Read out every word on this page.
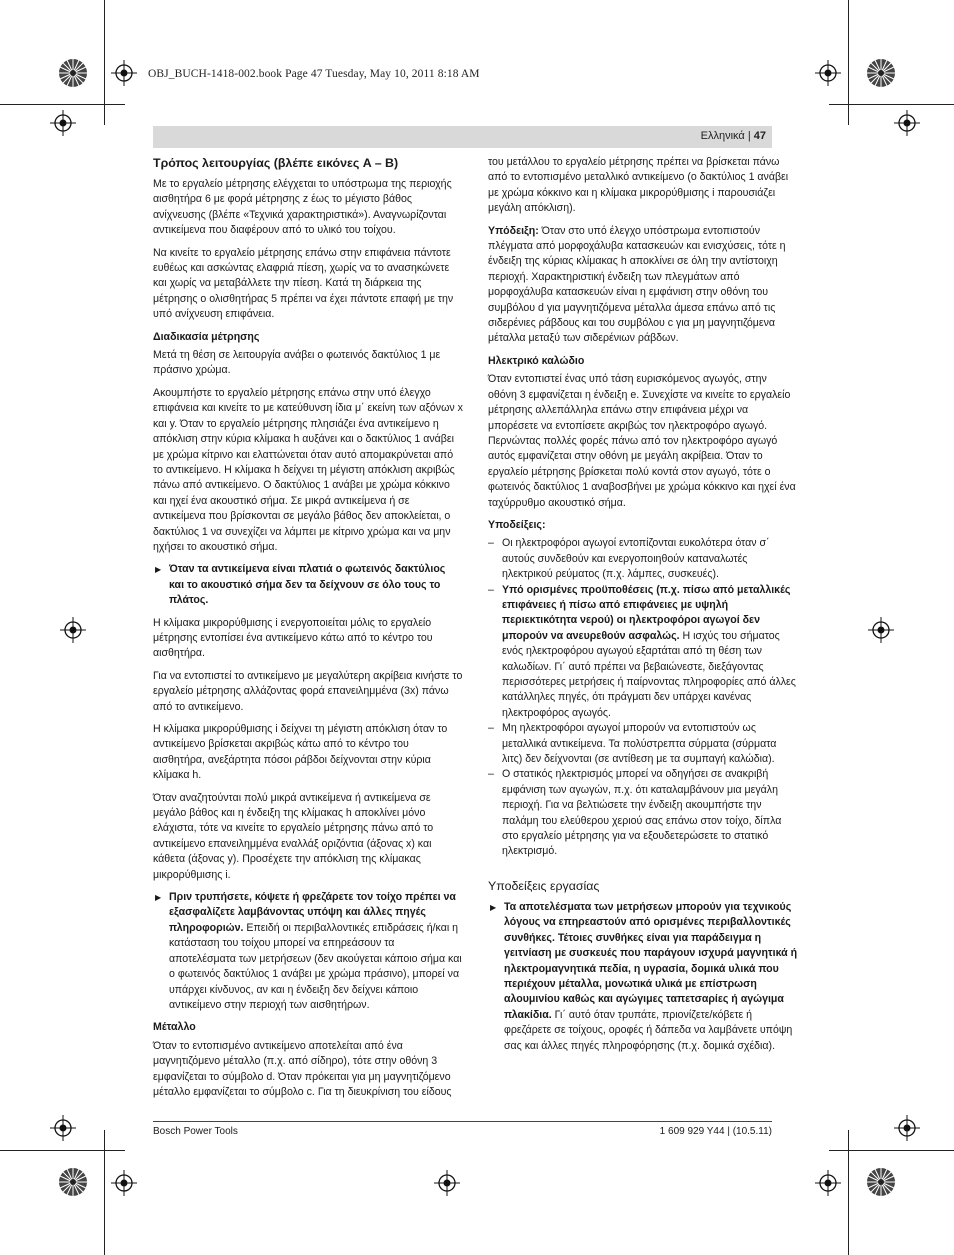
OBJ_BUCH-1418-002.book Page 47 Tuesday, May 10, 2011 8:18 AM
Ελληνικά | 47
Τρόπος λειτουργίας (βλέπε εικόνες A – B)

Με το εργαλείο μέτρησης ελέγχεται το υπόστρωμα της περιοχής αισθητήρα 6 με φορά μέτρησης z έως το μέγιστο βάθος ανίχνευσης (βλέπε «Τεχνικά χαρακτηριστικά»). Αναγνωρίζονται αντικείμενα που διαφέρουν από το υλικό του τοίχου.

Να κινείτε το εργαλείο μέτρησης επάνω στην επιφάνεια πάντοτε ευθέως και ασκώντας ελαφριά πίεση, χωρίς να το ανασηκώνετε και χωρίς να μεταβάλλετε την πίεση. Κατά τη διάρκεια της μέτρησης ο ολισθητήρας 5 πρέπει να έχει πάντοτε επαφή με την υπό ανίχνευση επιφάνεια.

Διαδικασία μέτρησης

Μετά τη θέση σε λειτουργία ανάβει ο φωτεινός δακτύλιος 1 με πράσινο χρώμα.

Ακουμπήστε το εργαλείο μέτρησης επάνω στην υπό έλεγχο επιφάνεια και κινείτε το με κατεύθυνση ίδια μ΄ εκείνη των αξόνων x και y. Όταν το εργαλείο μέτρησης πλησιάζει ένα αντικείμενο η απόκλιση στην κύρια κλίμακα h αυξάνει και ο δακτύλιος 1 ανάβει με χρώμα κίτρινο και ελαττώνεται όταν αυτό απομακρύνεται από το αντικείμενο. Η κλίμακα h δείχνει τη μέγιστη απόκλιση ακριβώς πάνω από αντικείμενο. Ο δακτύλιος 1 ανάβει με χρώμα κόκκινο και ηχεί ένα ακουστικό σήμα. Σε μικρά αντικείμενα ή σε αντικείμενα που βρίσκονται σε μεγάλο βάθος δεν αποκλείεται, ο δακτύλιος 1 να συνεχίζει να λάμπει με κίτρινο χρώμα και να μην ηχήσει το ακουστικό σήμα.

▶ Όταν τα αντικείμενα είναι πλατιά ο φωτεινός δακτύλιος και το ακουστικό σήμα δεν τα δείχνουν σε όλο τους το πλάτος.

Η κλίμακα μικρορύθμισης i ενεργοποιείται μόλις το εργαλείο μέτρησης εντοπίσει ένα αντικείμενο κάτω από το κέντρο του αισθητήρα.

Για να εντοπιστεί το αντικείμενο με μεγαλύτερη ακρίβεια κινήστε το εργαλείο μέτρησης αλλάζοντας φορά επανειλημμένα (3x) πάνω από το αντικείμενο.

Η κλίμακα μικρορύθμισης i δείχνει τη μέγιστη απόκλιση όταν το αντικείμενο βρίσκεται ακριβώς κάτω από το κέντρο του αισθητήρα, ανεξάρτητα πόσοι ράβδοι δείχνονται στην κύρια κλίμακα h.

Όταν αναζητούνται πολύ μικρά αντικείμενα ή αντικείμενα σε μεγάλο βάθος και η ένδειξη της κλίμακας h αποκλίνει μόνο ελάχιστα, τότε να κινείτε το εργαλείο μέτρησης πάνω από το αντικείμενο επανειλημμένα εναλλάξ οριζόντια (άξονας x) και κάθετα (άξονας y). Προσέχετε την απόκλιση της κλίμακας μικρορύθμισης i.

▶ Πριν τρυπήσετε, κόψετε ή φρεζάρετε τον τοίχο πρέπει να εξασφαλίζετε λαμβάνοντας υπόψη και άλλες πηγές πληροφοριών. Επειδή οι περιβαλλοντικές επιδράσεις ή/και η κατάσταση του τοίχου μπορεί να επηρεάσουν τα αποτελέσματα των μετρήσεων (δεν ακούγεται κάποιο σήμα και ο φωτεινός δακτύλιος 1 ανάβει με χρώμα πράσινο), μπορεί να υπάρχει κίνδυνος, αν και η ένδειξη δεν δείχνει κάποιο αντικείμενο στην περιοχή των αισθητήρων.
Μέταλλο

Όταν το εντοπισμένο αντικείμενο αποτελείται από ένα μαγνητιζόμενο μέταλλο (π.χ. από σίδηρο), τότε στην οθόνη 3 εμφανίζεται το σύμβολο d. Όταν πρόκειται για μη μαγνητιζόμενο μέταλλο εμφανίζεται το σύμβολο c. Για τη διευκρίνιση του είδους

του μετάλλου το εργαλείο μέτρησης πρέπει να βρίσκεται πάνω από το εντοπισμένο μεταλλικό αντικείμενο (ο δακτύλιος 1 ανάβει με χρώμα κόκκινο και η κλίμακα μικρορύθμισης i παρουσιάζει μεγάλη απόκλιση).

Υπόδειξη: Όταν στο υπό έλεγχο υπόστρωμα εντοπιστούν πλέγματα από μορφοχάλυβα κατασκευών και ενισχύσεις, τότε η ένδειξη της κύριας κλίμακας h αποκλίνει σε όλη την αντίστοιχη περιοχή. Χαρακτηριστική ένδειξη των πλεγμάτων από μορφοχάλυβα κατασκευών είναι η εμφάνιση στην οθόνη του συμβόλου d για μαγνητιζόμενα μέταλλα άμεσα επάνω από τις σιδερένιες ράβδους και του συμβόλου c για μη μαγνητιζόμενα μέταλλα μεταξύ των σιδερένιων ράβδων.

Ηλεκτρικό καλώδιο

Όταν εντοπιστεί ένας υπό τάση ευρισκόμενος αγωγός, στην οθόνη 3 εμφανίζεται η ένδειξη e. Συνεχίστε να κινείτε το εργαλείο μέτρησης αλλεπάλληλα επάνω στην επιφάνεια μέχρι να μπορέσετε να εντοπίσετε ακριβώς τον ηλεκτροφόρο αγωγό. Περνώντας πολλές φορές πάνω από τον ηλεκτροφόρο αγωγό αυτός εμφανίζεται στην οθόνη με μεγάλη ακρίβεια. Όταν το εργαλείο μέτρησης βρίσκεται πολύ κοντά στον αγωγό, τότε ο φωτεινός δακτύλιος 1 αναβοσβήνει με χρώμα κόκκινο και ηχεί ένα ταχύρρυθμο ακουστικό σήμα.

Υποδείξεις:
– Οι ηλεκτροφόροι αγωγοί εντοπίζονται ευκολότερα όταν σ΄ αυτούς συνδεθούν και ενεργοποιηθούν καταναλωτές ηλεκτρικού ρεύματος (π.χ. λάμπες, συσκευές).
– Υπό ορισμένες προϋποθέσεις (π.χ. πίσω από μεταλλικές επιφάνειες ή πίσω από επιφάνειες με υψηλή περιεκτικότητα νερού) οι ηλεκτροφόροι αγωγοί δεν μπορούν να ανευρεθούν ασφαλώς. Η ισχύς του σήματος ενός ηλεκτροφόρου αγωγού εξαρτάται από τη θέση των καλωδίων. Γι΄ αυτό πρέπει να βεβαιώνεστε, διεξάγοντας περισσότερες μετρήσεις ή παίρνοντας πληροφορίες από άλλες κατάλληλες πηγές, ότι πράγματι δεν υπάρχει κανένας ηλεκτροφόρος αγωγός.
– Μη ηλεκτροφόροι αγωγοί μπορούν να εντοπιστούν ως μεταλλικά αντικείμενα. Τα πολύστρεπτα σύρματα (σύρματα λιτς) δεν δείχνονται (σε αντίθεση με τα συμπαγή καλώδια).
– Ο στατικός ηλεκτρισμός μπορεί να οδηγήσει σε ανακριβή εμφάνιση των αγωγών, π.χ. ότι καταλαμβάνουν μια μεγάλη περιοχή. Για να βελτιώσετε την ένδειξη ακουμπήστε την παλάμη του ελεύθερου χεριού σας επάνω στον τοίχο, δίπλα στο εργαλείο μέτρησης για να εξουδετερώσετε το στατικό ηλεκτρισμό.
Υποδείξεις εργασίας
▶ Τα αποτελέσματα των μετρήσεων μπορούν για τεχνικούς λόγους να επηρεαστούν από ορισμένες περιβαλλοντικές συνθήκες. Τέτοιες συνθήκες είναι για παράδειγμα η γειτνίαση με συσκευές που παράγουν ισχυρά μαγνητικά ή ηλεκτρομαγνητικά πεδία, η υγρασία, δομικά υλικά που περιέχουν μέταλλα, μονωτικά υλικά με επίστρωση αλουμινίου καθώς και αγώγιμες ταπετσαρίες ή αγώγιμα πλακίδια. Γι΄ αυτό όταν τρυπάτε, πριονίζετε/κόβετε ή φρεζάρετε σε τοίχους, οροφές ή δάπεδα να λαμβάνετε υπόψη σας και άλλες πηγές πληροφόρησης (π.χ. δομικά σχέδια).
Bosch Power Tools	1 609 929 Y44 | (10.5.11)
